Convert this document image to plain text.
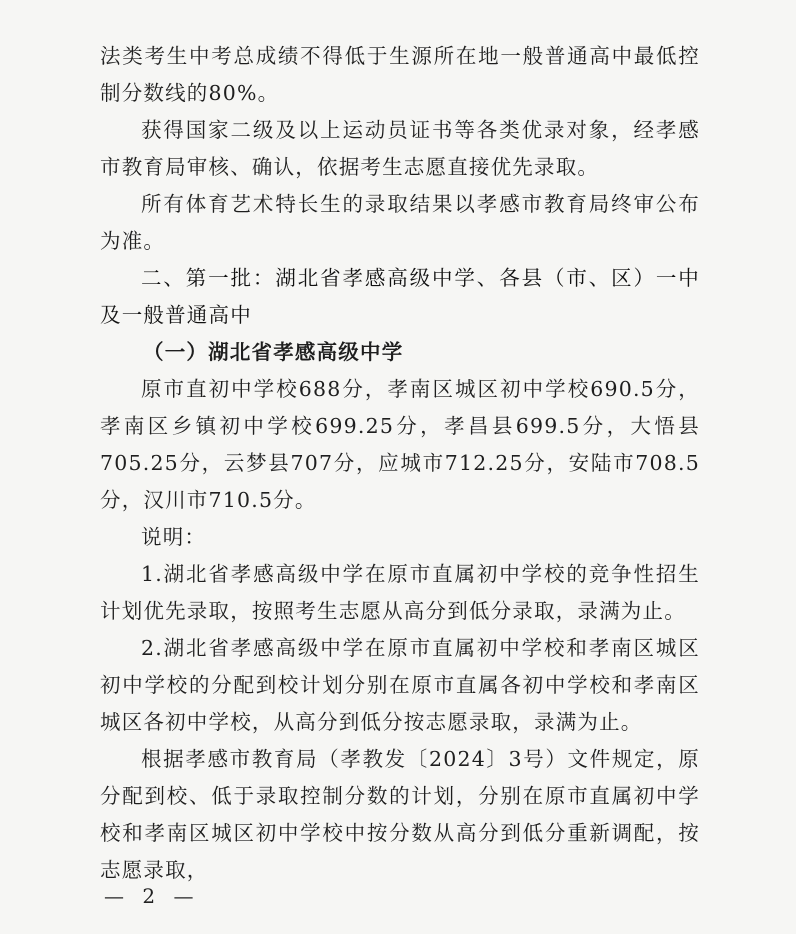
法类考生中考总成绩不得低于生源所在地一般普通高中最低控制分数线的80%。

获得国家二级及以上运动员证书等各类优录对象，经孝感市教育局审核、确认，依据考生志愿直接优先录取。

所有体育艺术特长生的录取结果以孝感市教育局终审公布为准。

二、第一批：湖北省孝感高级中学、各县（市、区）一中及一般普通高中

（一）湖北省孝感高级中学

原市直初中学校688分，孝南区城区初中学校690.5分，孝南区乡镇初中学校699.25分，孝昌县699.5分，大悟县705.25分，云梦县707分，应城市712.25分，安陆市708.5分，汉川市710.5分。

说明：

1.湖北省孝感高级中学在原市直属初中学校的竞争性招生计划优先录取，按照考生志愿从高分到低分录取，录满为止。

2.湖北省孝感高级中学在原市直属初中学校和孝南区城区初中学校的分配到校计划分别在原市直属各初中学校和孝南区城区各初中学校，从高分到低分按志愿录取，录满为止。

根据孝感市教育局（孝教发〔2024〕3号）文件规定，原分配到校、低于录取控制分数的计划，分别在原市直属初中学校和孝南区城区初中学校中按分数从高分到低分重新调配，按志愿录取，

— 2 —
